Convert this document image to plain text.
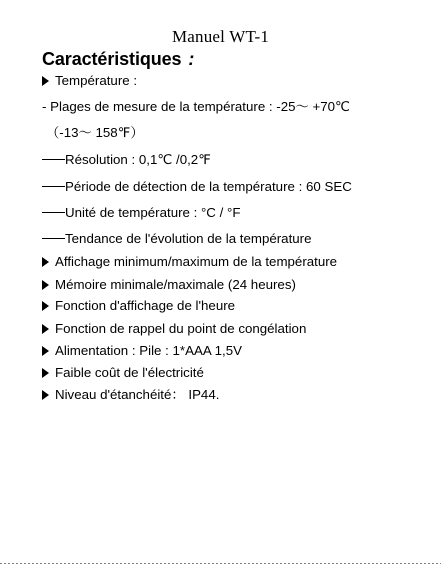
Manuel WT-1
Caractéristiques :
Température :
- Plages de mesure de la température : -25〜 +70℃
（-13〜 158℉）
Résolution : 0,1℃ /0,2℉
Période de détection de la température : 60 SEC
Unité de température : °C / °F
Tendance de l'évolution de la température
Affichage minimum/maximum de la température
Mémoire minimale/maximale (24 heures)
Fonction d'affichage de l'heure
Fonction de rappel du point de congélation
Alimentation : Pile : 1*AAA 1,5V
Faible coût de l'électricité
Niveau d'étanchéité： IP44.
